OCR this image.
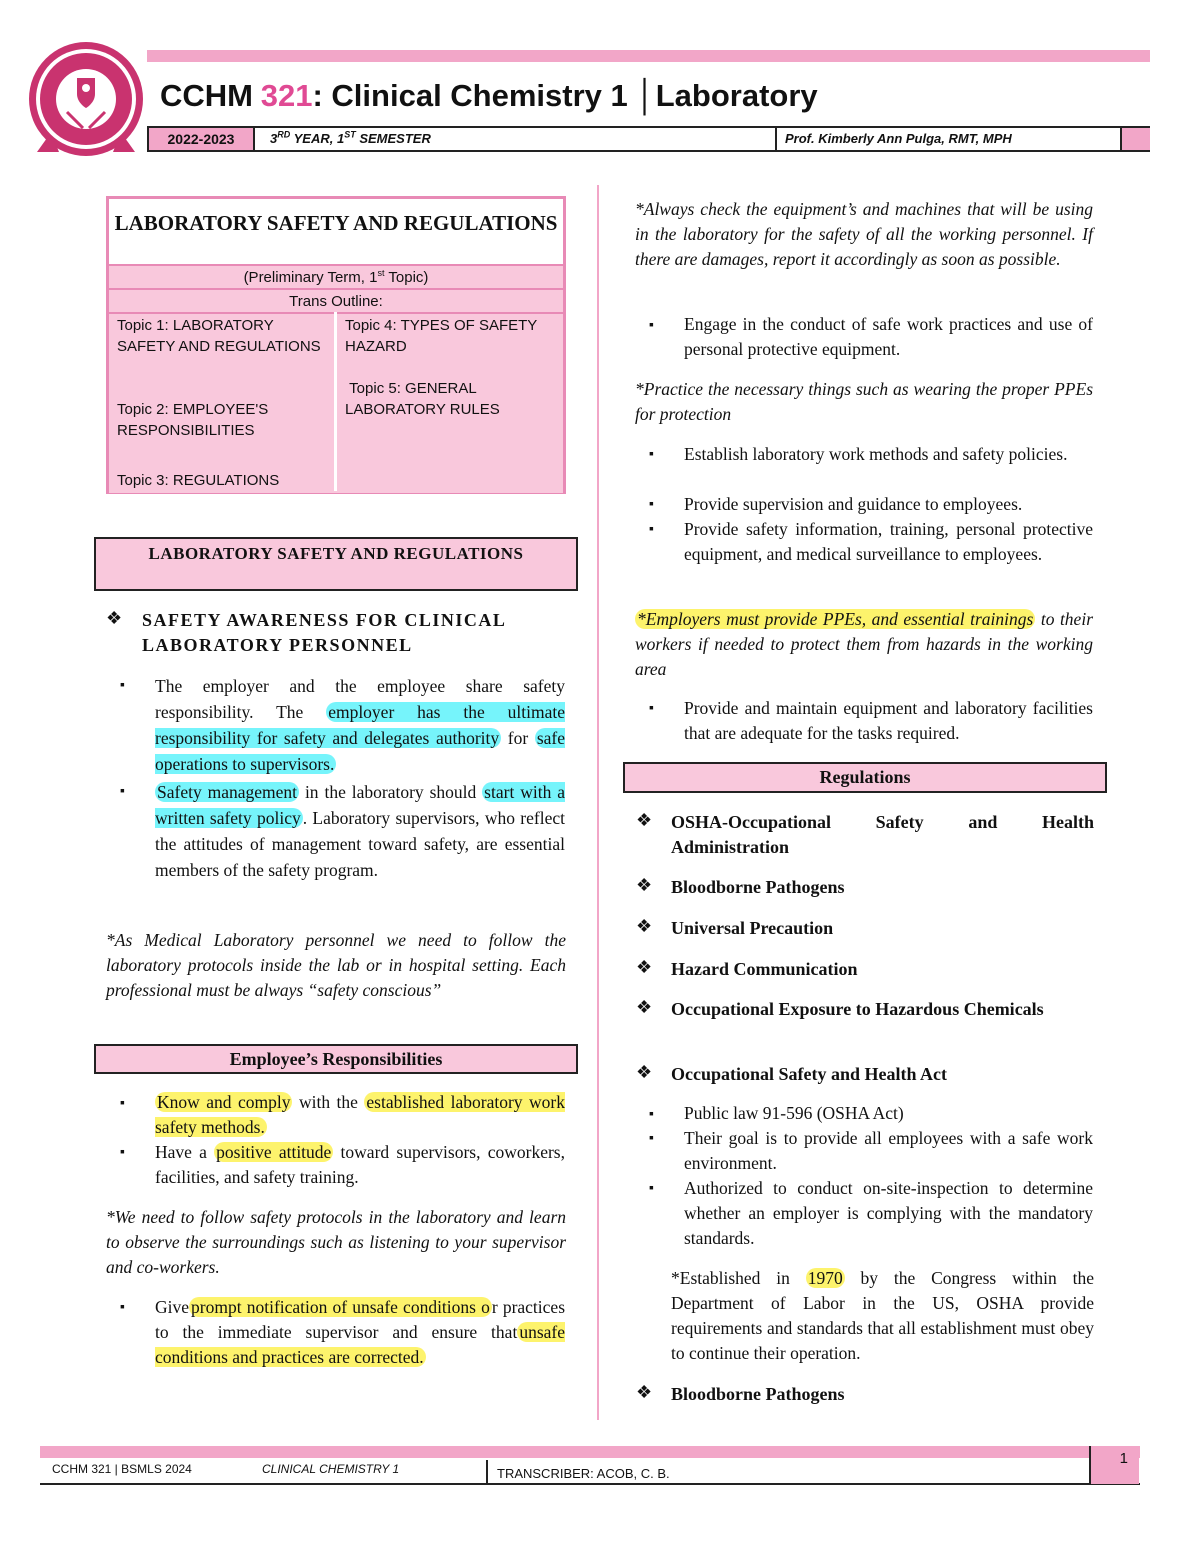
CCHM 321: Clinical Chemistry 1 │Laboratory
2022-2023	3RD YEAR, 1ST SEMESTER	Prof. Kimberly Ann Pulga, RMT, MPH
LABORATORY SAFETY AND REGULATIONS
(Preliminary Term, 1st Topic)
Trans Outline:
Topic 1: LABORATORY SAFETY AND REGULATIONS
Topic 2: EMPLOYEE'S RESPONSIBILITIES
Topic 3: REGULATIONS
Topic 4: TYPES OF SAFETY HAZARD
Topic 5: GENERAL LABORATORY RULES
LABORATORY SAFETY AND REGULATIONS
❖ SAFETY AWARENESS FOR CLINICAL LABORATORY PERSONNEL
▪ The employer and the employee share safety responsibility. The employer has the ultimate responsibility for safety and delegates authority for safe operations to supervisors.
▪ Safety management in the laboratory should start with a written safety policy . Laboratory supervisors, who reflect the attitudes of management toward safety, are essential members of the safety program.
*As Medical Laboratory personnel we need to follow the laboratory protocols inside the lab or in hospital setting. Each professional must be always “safety conscious”
Employee’s Responsibilities
▪ Know and comply with the established laboratory work safety methods.
▪ Have a positive attitude toward supervisors, coworkers, facilities, and safety training.
*We need to follow safety protocols in the laboratory and learn to observe the surroundings such as listening to your supervisor and co-workers.
▪ Give prompt notification of unsafe conditions o r practices to the immediate supervisor and ensure that unsafe conditions and practices are corrected.
*Always check the equipment’s and machines that will be using in the laboratory for the safety of all the working personnel. If there are damages, report it accordingly as soon as possible.
▪ Engage in the conduct of safe work practices and use of personal protective equipment.
*Practice the necessary things such as wearing the proper PPEs for protection
▪ Establish laboratory work methods and safety policies.
▪ Provide supervision and guidance to employees.
▪ Provide safety information, training, personal protective equipment, and medical surveillance to employees.
*Employers must provide PPEs, and essential trainings to their workers if needed to protect them from hazards in the working area
▪ Provide and maintain equipment and laboratory facilities that are adequate for the tasks required.
Regulations
❖ OSHA-Occupational Safety and Health Administration
❖ Bloodborne Pathogens
❖ Universal Precaution
❖ Hazard Communication
❖ Occupational Exposure to Hazardous Chemicals
❖ Occupational Safety and Health Act
▪ Public law 91-596 (OSHA Act)
▪ Their goal is to provide all employees with a safe work environment.
▪ Authorized to conduct on-site-inspection to determine whether an employer is complying with the mandatory standards.
*Established in 1970 by the Congress within the Department of Labor in the US, OSHA provide requirements and standards that all establishment must obey to continue their operation.
❖ Bloodborne Pathogens
CCHM 321 | BSMLS 2024	CLINICAL CHEMISTRY 1	TRANSCRIBER: ACOB, C. B.
1
